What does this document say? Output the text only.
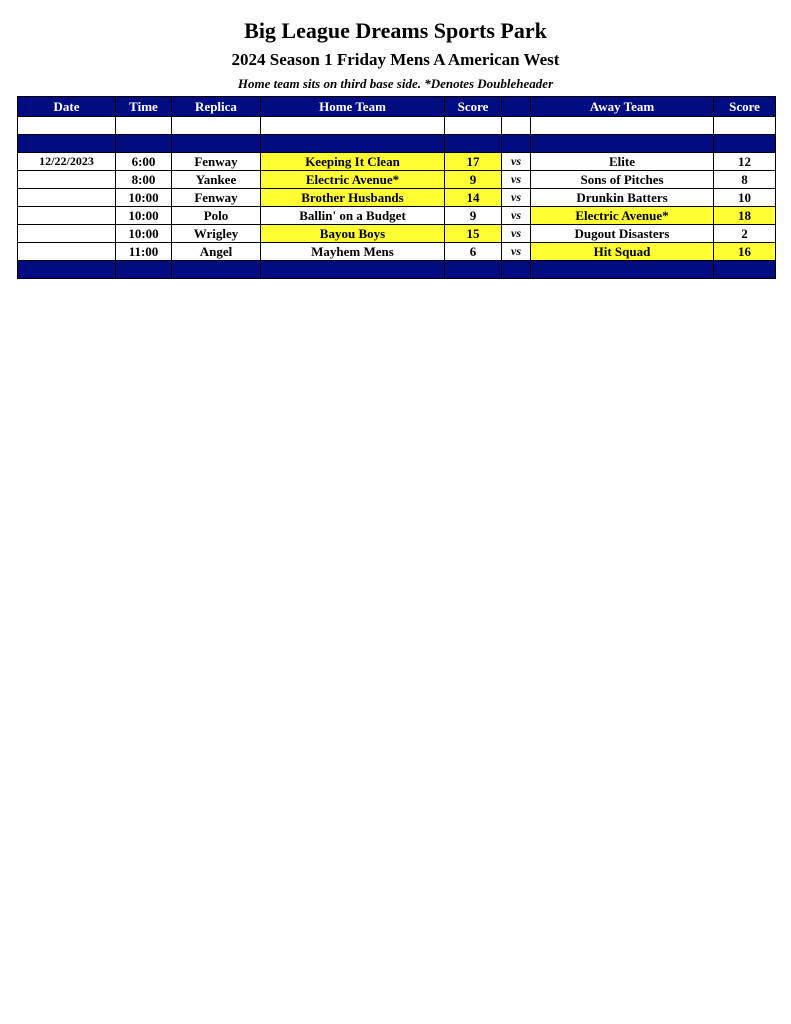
Big League Dreams Sports Park
2024 Season 1 Friday Mens A American West
Home team sits on third base side. *Denotes Doubleheader
Date	Time	Replica	Home Team	Score		Away Team	Score

12/22/2023	6:00	Fenway	Keeping It Clean	17	vs	Elite	12
	8:00	Yankee	Electric Avenue*	9	vs	Sons of Pitches	8
	10:00	Fenway	Brother Husbands	14	vs	Drunkin Batters	10
	10:00	Polo	Ballin' on a Budget	9	vs	Electric Avenue*	18
	10:00	Wrigley	Bayou Boys	15	vs	Dugout Disasters	2
	11:00	Angel	Mayhem Mens	6	vs	Hit Squad	16
